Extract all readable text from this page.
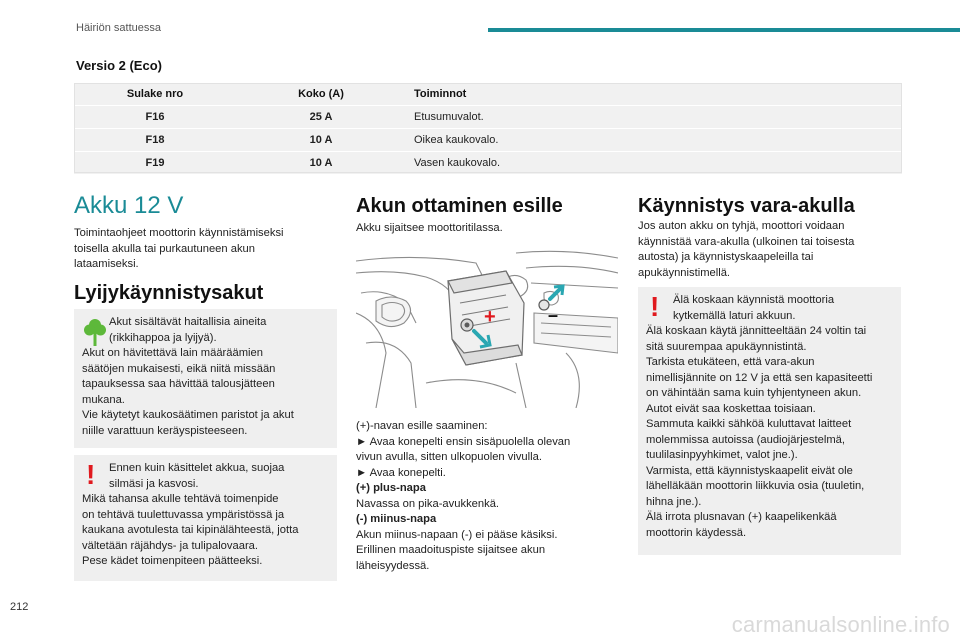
Häiriön sattuessa
Versio 2 (Eco)
Sulake nro	Koko (A)	Toiminnot
F16	25 A	Etusumuvalot.
F18	10 A	Oikea kaukovalo.
F19	10 A	Vasen kaukovalo.
Akku 12 V
Toimintaohjeet moottorin käynnistämiseksi
toisella akulla tai purkautuneen akun
lataamiseksi.
Lyijykäynnistysakut
Akut sisältävät haitallisia aineita
(rikkihappoa ja lyijyä).
Akut on hävitettävä lain määräämien
säätöjen mukaisesti, eikä niitä missään
tapauksessa saa hävittää talousjätteen
mukana.
Vie käytetyt kaukosäätimen paristot ja akut
niille varattuun keräyspisteeseen.
!	Ennen kuin käsittelet akkua, suojaa
silmäsi ja kasvosi.
Mikä tahansa akulle tehtävä toimenpide
on tehtävä tuulettuvassa ympäristössä ja
kaukana avotulesta tai kipinälähteestä, jotta
vältetään räjähdys- ja tulipalovaara.
Pese kädet toimenpiteen päätteeksi.
Akun ottaminen esille
Akku sijaitsee moottoritilassa.
+	–
(+)-navan esille saaminen:
► Avaa konepelti ensin sisäpuolella olevan
vivun avulla, sitten ulkopuolen vivulla.
► Avaa konepelti.
(+) plus-napa
Navassa on pika-avukkenkä.
(-) miinus-napa
Akun miinus-napaan (-) ei pääse käsiksi.
Erillinen maadoituspiste sijaitsee akun
läheisyydessä.
Käynnistys vara-akulla
Jos auton akku on tyhjä, moottori voidaan
käynnistää vara-akulla (ulkoinen tai toisesta
autosta) ja käynnistyskaapeleilla tai
apukäynnistimellä.
!	Älä koskaan käynnistä moottoria
kytkemällä laturi akkuun.
Älä koskaan käytä jännitteeltään 24 voltin tai
sitä suurempaa apukäynnistintä.
Tarkista etukäteen, että vara-akun
nimellisjännite on 12 V ja että sen kapasiteetti
on vähintään sama kuin tyhjentyneen akun.
Autot eivät saa koskettaa toisiaan.
Sammuta kaikki sähköä kuluttavat laitteet
molemmissa autoissa (audiojärjestelmä,
tuulilasinpyyhkimet, valot jne.).
Varmista, että käynnistyskaapelit eivät ole
lähelläkään moottorin liikkuvia osia (tuuletin,
hihna jne.).
Älä irrota plusnavan (+) kaapelikenkää
moottorin käydessä.
212
carmanualsonline.info
